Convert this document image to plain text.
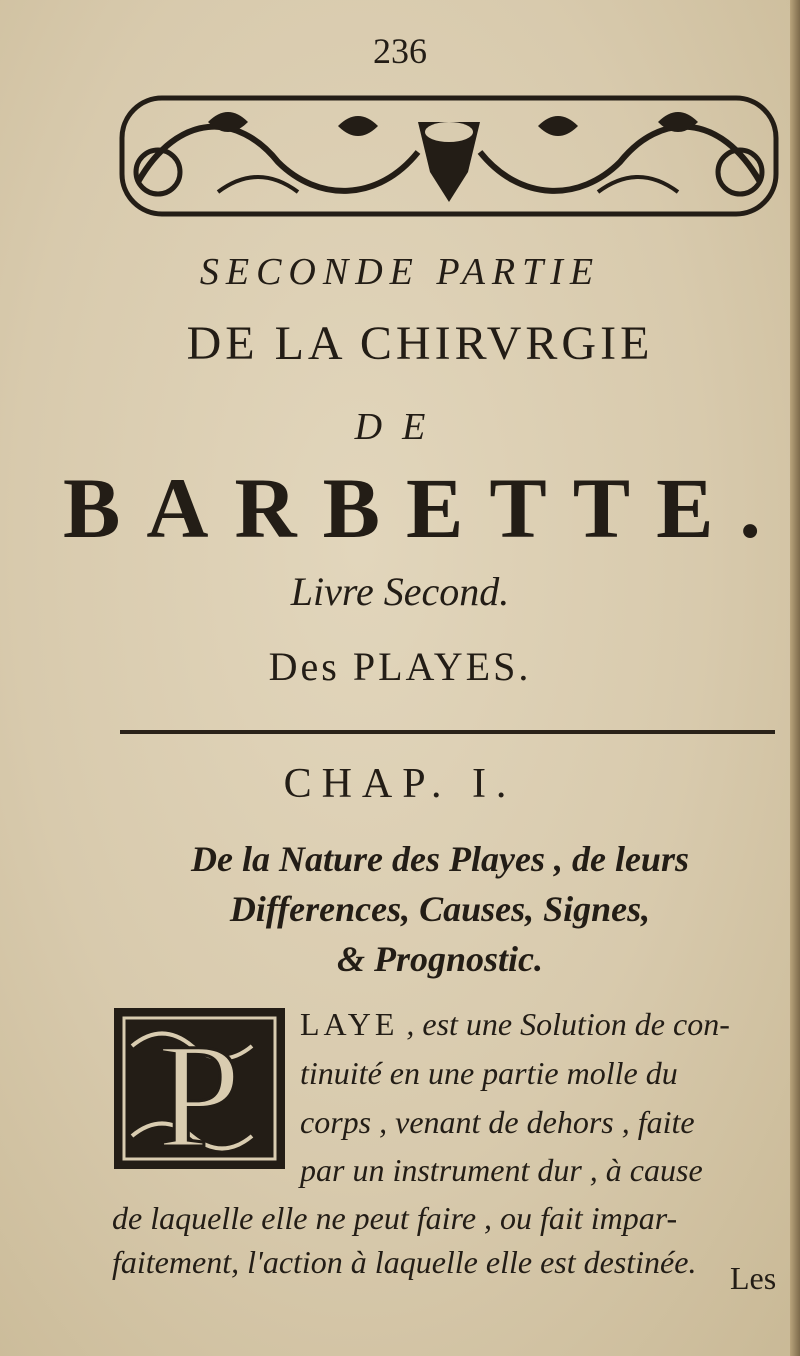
236
SECONDE PARTIE
DE LA CHIRVRGIE
DE
BARBETTE.
Livre Second.
Des PLAYES.
CHAP. I.
De la Nature des Playes , de leurs
Differences, Causes, Signes,
& Prognostic.
P LAYE , est une Solution de con-
tinuité en une partie molle du
corps , venant de dehors , faite
par un instrument dur , à cause
de laquelle elle ne peut faire , ou fait impar-
faitement, l'action à laquelle elle est destinée. Les
